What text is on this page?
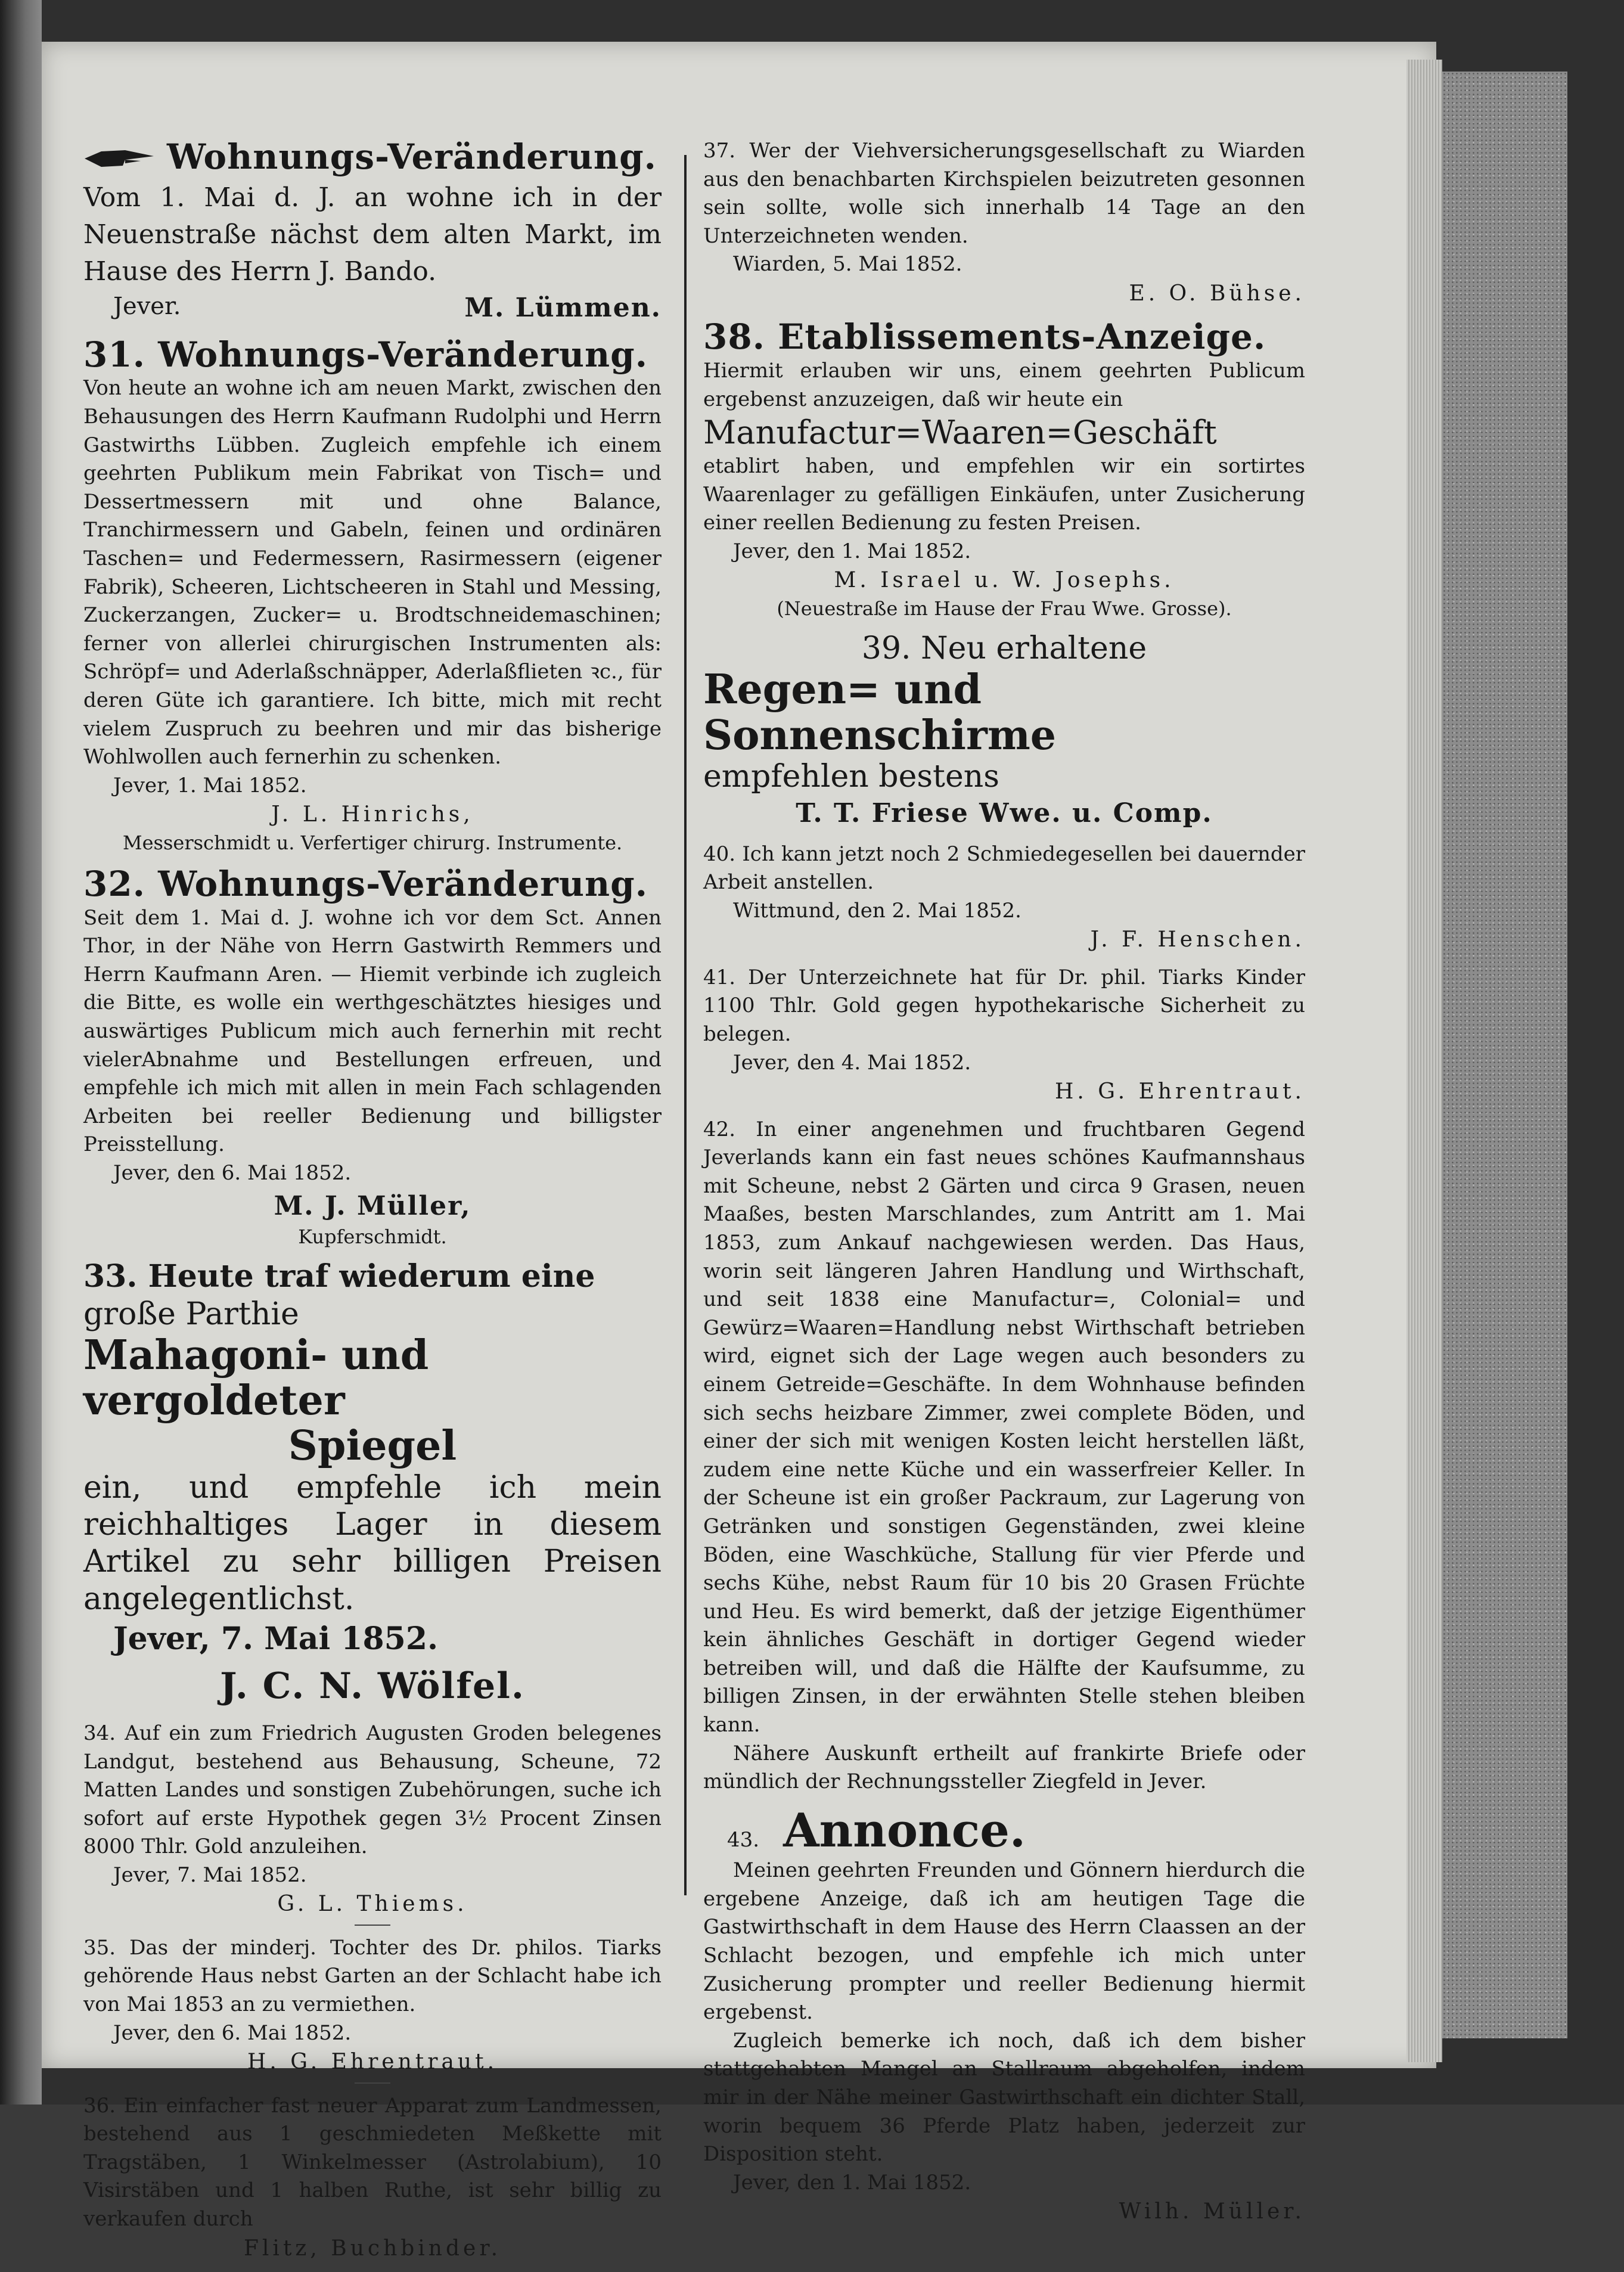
Wohnungs-Veränderung.
Vom 1. Mai d. J. an wohne ich in der Neuenstraße nächst dem alten Markt, im Hause des Herrn J. Bando.
Jever.	M. Lümmen.
31. Wohnungs-Veränderung.
Von heute an wohne ich am neuen Markt, zwischen den Behausungen des Herrn Kaufmann Rudolphi und Herrn Gastwirths Lübben. Zugleich empfehle ich einem geehrten Publikum mein Fabrikat von Tisch= und Dessertmessern mit und ohne Balance, Tranchirmessern und Gabeln, feinen und ordinären Taschen= und Federmessern, Rasirmessern (eigener Fabrik), Scheeren, Lichtscheeren in Stahl und Messing, Zuckerzangen, Zucker= u. Brodtschneidemaschinen; ferner von allerlei chirurgischen Instrumenten als: Schröpf= und Aderlaßschnäpper, Aderlaßflieten ꝛc., für deren Güte ich garantiere. Ich bitte, mich mit recht vielem Zuspruch zu beehren und mir das bisherige Wohlwollen auch fernerhin zu schenken.
Jever, 1. Mai 1852.
J. L. Hinrichs,
Messerschmidt u. Verfertiger chirurg. Instrumente.
32. Wohnungs-Veränderung.
Seit dem 1. Mai d. J. wohne ich vor dem Sct. Annen Thor, in der Nähe von Herrn Gastwirth Remmers und Herrn Kaufmann Aren. — Hiemit verbinde ich zugleich die Bitte, es wolle ein werthgeschätztes hiesiges und auswärtiges Publicum mich auch fernerhin mit recht vielerAbnahme und Bestellungen erfreuen, und empfehle ich mich mit allen in mein Fach schlagenden Arbeiten bei reeller Bedienung und billigster Preisstellung.
Jever, den 6. Mai 1852.
M. J. Müller,
Kupferschmidt.
33. Heute traf wiederum eine
große Parthie
Mahagoni- und vergoldeter
Spiegel
ein, und empfehle ich mein reichhaltiges Lager in diesem Artikel zu sehr billigen Preisen angelegentlichst.
Jever, 7. Mai 1852.
J. C. N. Wölfel.
34. Auf ein zum Friedrich Augusten Groden belegenes Landgut, bestehend aus Behausung, Scheune, 72 Matten Landes und sonstigen Zubehörungen, suche ich sofort auf erste Hypothek gegen 3½ Procent Zinsen 8000 Thlr. Gold anzuleihen.
Jever, 7. Mai 1852.
G. L. Thiems.
35. Das der minderj. Tochter des Dr. philos. Tiarks gehörende Haus nebst Garten an der Schlacht habe ich von Mai 1853 an zu vermiethen.
Jever, den 6. Mai 1852.
H. G. Ehrentraut.
36. Ein einfacher fast neuer Apparat zum Landmessen, bestehend aus 1 geschmiedeten Meßkette mit Tragstäben, 1 Winkelmesser (Astrolabium), 10 Visirstäben und 1 halben Ruthe, ist sehr billig zu verkaufen durch
Flitz, Buchbinder.
37. Wer der Viehversicherungsgesellschaft zu Wiarden aus den benachbarten Kirchspielen beizutreten gesonnen sein sollte, wolle sich innerhalb 14 Tage an den Unterzeichneten wenden.
Wiarden, 5. Mai 1852.
E. O. Bühse.
38. Etablissements-Anzeige.
Hiermit erlauben wir uns, einem geehrten Publicum ergebenst anzuzeigen, daß wir heute ein
Manufactur=Waaren=Geschäft
etablirt haben, und empfehlen wir ein sortirtes Waarenlager zu gefälligen Einkäufen, unter Zusicherung einer reellen Bedienung zu festen Preisen.
Jever, den 1. Mai 1852.
M. Israel u. W. Josephs.
(Neuestraße im Hause der Frau Wwe. Grosse).
39. Neu erhaltene
Regen= und Sonnenschirme
empfehlen bestens
T. T. Friese Wwe. u. Comp.
40. Ich kann jetzt noch 2 Schmiedegesellen bei dauernder Arbeit anstellen.
Wittmund, den 2. Mai 1852.
J. F. Henschen.
41. Der Unterzeichnete hat für Dr. phil. Tiarks Kinder 1100 Thlr. Gold gegen hypothekarische Sicherheit zu belegen.
Jever, den 4. Mai 1852.
H. G. Ehrentraut.
42. In einer angenehmen und fruchtbaren Gegend Jeverlands kann ein fast neues schönes Kaufmannshaus mit Scheune, nebst 2 Gärten und circa 9 Grasen, neuen Maaßes, besten Marschlandes, zum Antritt am 1. Mai 1853, zum Ankauf nachgewiesen werden. Das Haus, worin seit längeren Jahren Handlung und Wirthschaft, und seit 1838 eine Manufactur=, Colonial= und Gewürz=Waaren=Handlung nebst Wirthschaft betrieben wird, eignet sich der Lage wegen auch besonders zu einem Getreide=Geschäfte. In dem Wohnhause befinden sich sechs heizbare Zimmer, zwei complete Böden, und einer der sich mit wenigen Kosten leicht herstellen läßt, zudem eine nette Küche und ein wasserfreier Keller. In der Scheune ist ein großer Packraum, zur Lagerung von Getränken und sonstigen Gegenständen, zwei kleine Böden, eine Waschküche, Stallung für vier Pferde und sechs Kühe, nebst Raum für 10 bis 20 Grasen Früchte und Heu. Es wird bemerkt, daß der jetzige Eigenthümer kein ähnliches Geschäft in dortiger Gegend wieder betreiben will, und daß die Hälfte der Kaufsumme, zu billigen Zinsen, in der erwähnten Stelle stehen bleiben kann.
Nähere Auskunft ertheilt auf frankirte Briefe oder mündlich der Rechnungssteller Ziegfeld in Jever.
43. Annonce.
Meinen geehrten Freunden und Gönnern hierdurch die ergebene Anzeige, daß ich am heutigen Tage die Gastwirthschaft in dem Hause des Herrn Claassen an der Schlacht bezogen, und empfehle ich mich unter Zusicherung prompter und reeller Bedienung hiermit ergebenst.
Zugleich bemerke ich noch, daß ich dem bisher stattgehabten Mangel an Stallraum abgeholfen, indem mir in der Nähe meiner Gastwirthschaft ein dichter Stall, worin bequem 36 Pferde Platz haben, jederzeit zur Disposition steht.
Jever, den 1. Mai 1852.
Wilh. Müller.
